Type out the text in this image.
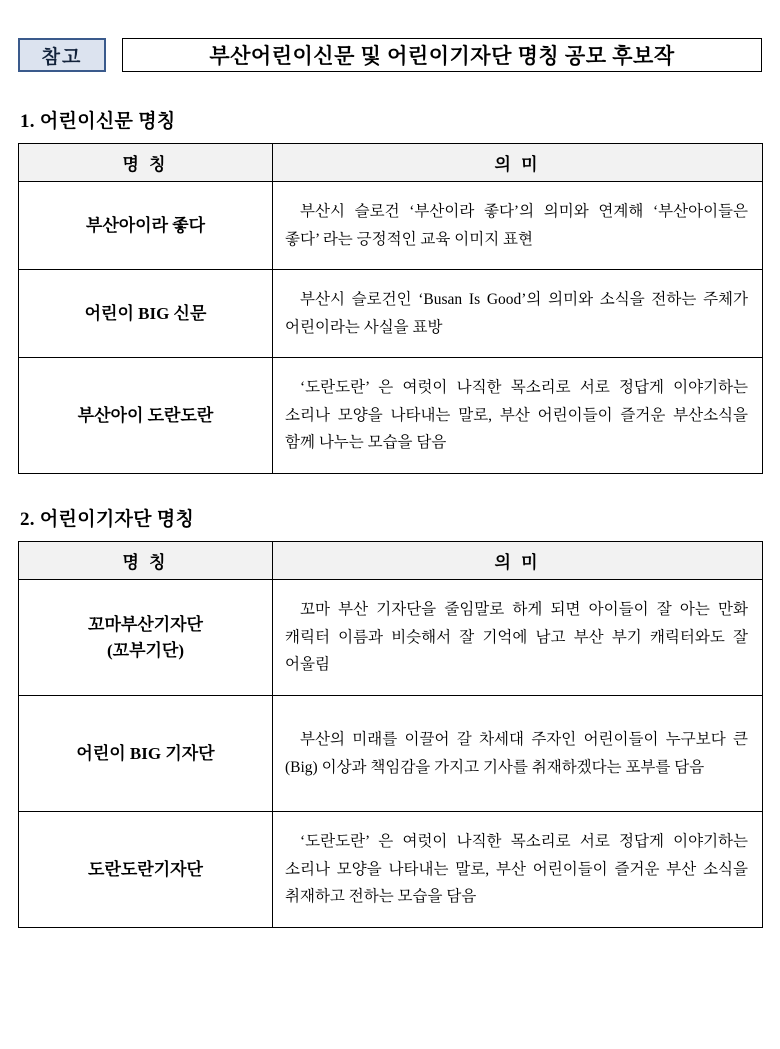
참고	부산어린이신문 및 어린이기자단 명칭 공모 후보작
1. 어린이신문 명칭
명 칭	의 미
부산아이라 좋다	부산시 슬로건 ‘부산이라 좋다’의 의미와 연계해 ‘부산아이들은 좋다’ 라는 긍정적인 교육 이미지 표현
어린이 BIG 신문	부산시 슬로건인 ‘Busan Is Good’의 의미와 소식을 전하는 주체가 어린이라는 사실을 표방
부산아이 도란도란	‘도란도란’ 은 여럿이 나직한 목소리로 서로 정답게 이야기하는 소리나 모양을 나타내는 말로, 부산 어린이들이 즐거운 부산소식을 함께 나누는 모습을 담음
2. 어린이기자단 명칭
명 칭	의 미
꼬마부산기자단
(꼬부기단)	꼬마 부산 기자단을 줄임말로 하게 되면 아이들이 잘 아는 만화 캐릭터 이름과 비슷해서 잘 기억에 남고 부산 부기 캐릭터와도 잘 어울림
어린이 BIG 기자단	부산의 미래를 이끌어 갈 차세대 주자인 어린이들이 누구보다 큰(Big) 이상과 책임감을 가지고 기사를 취재하겠다는 포부를 담음
도란도란기자단	‘도란도란’ 은 여럿이 나직한 목소리로 서로 정답게 이야기하는 소리나 모양을 나타내는 말로, 부산 어린이들이 즐거운 부산 소식을 취재하고 전하는 모습을 담음
